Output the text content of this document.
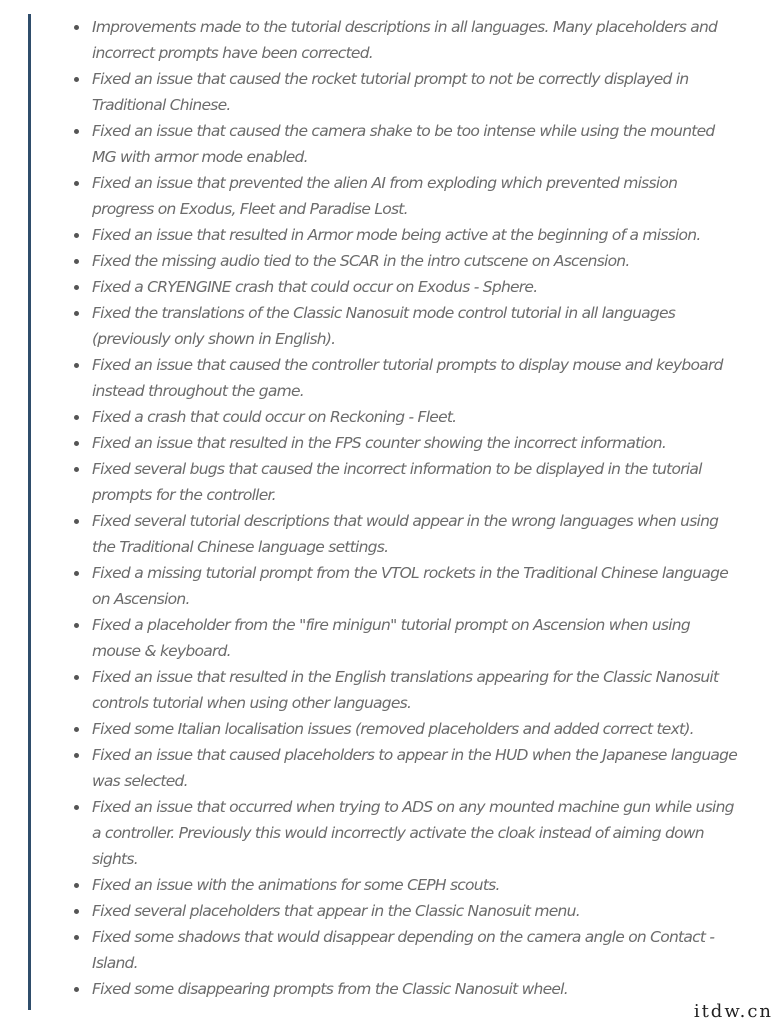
Improvements made to the tutorial descriptions in all languages. Many placeholders and incorrect prompts have been corrected.
Fixed an issue that caused the rocket tutorial prompt to not be correctly displayed in Traditional Chinese.
Fixed an issue that caused the camera shake to be too intense while using the mounted MG with armor mode enabled.
Fixed an issue that prevented the alien AI from exploding which prevented mission progress on Exodus, Fleet and Paradise Lost.
Fixed an issue that resulted in Armor mode being active at the beginning of a mission.
Fixed the missing audio tied to the SCAR in the intro cutscene on Ascension.
Fixed a CRYENGINE crash that could occur on Exodus - Sphere.
Fixed the translations of the Classic Nanosuit mode control tutorial in all languages (previously only shown in English).
Fixed an issue that caused the controller tutorial prompts to display mouse and keyboard instead throughout the game.
Fixed a crash that could occur on Reckoning - Fleet.
Fixed an issue that resulted in the FPS counter showing the incorrect information.
Fixed several bugs that caused the incorrect information to be displayed in the tutorial prompts for the controller.
Fixed several tutorial descriptions that would appear in the wrong languages when using the Traditional Chinese language settings.
Fixed a missing tutorial prompt from the VTOL rockets in the Traditional Chinese language on Ascension.
Fixed a placeholder from the "fire minigun" tutorial prompt on Ascension when using mouse & keyboard.
Fixed an issue that resulted in the English translations appearing for the Classic Nanosuit controls tutorial when using other languages.
Fixed some Italian localisation issues (removed placeholders and added correct text).
Fixed an issue that caused placeholders to appear in the HUD when the Japanese language was selected.
Fixed an issue that occurred when trying to ADS on any mounted machine gun while using a controller. Previously this would incorrectly activate the cloak instead of aiming down sights.
Fixed an issue with the animations for some CEPH scouts.
Fixed several placeholders that appear in the Classic Nanosuit menu.
Fixed some shadows that would disappear depending on the camera angle on Contact - Island.
Fixed some disappearing prompts from the Classic Nanosuit wheel.
itdw.cn
